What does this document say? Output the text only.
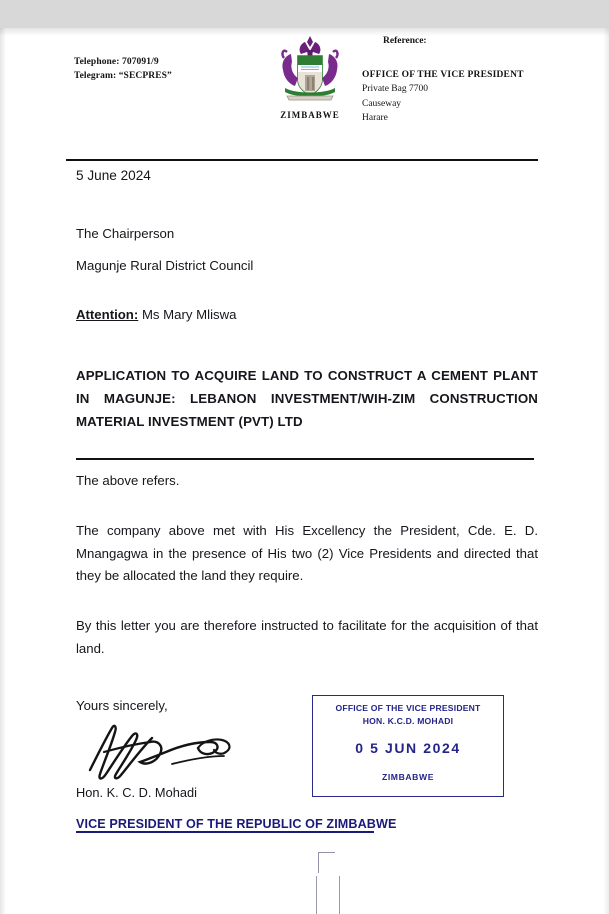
Telephone: 707091/9
Telegram: “SECPRES”
ZIMBABWE
Reference:
OFFICE OF THE VICE PRESIDENT
Private Bag 7700
Causeway
Harare
5 June 2024
The Chairperson
Magunje Rural District Council
Attention: Ms Mary Mliswa
APPLICATION TO ACQUIRE LAND TO CONSTRUCT A CEMENT PLANT IN MAGUNJE: LEBANON INVESTMENT/WIH-ZIM CONSTRUCTION MATERIAL INVESTMENT (PVT) LTD
The above refers.
The company above met with His Excellency the President, Cde. E. D. Mnangagwa in the presence of His two (2) Vice Presidents and directed that they be allocated the land they require.
By this letter you are therefore instructed to facilitate for the acquisition of that land.
Yours sincerely,	OFFICE OF THE VICE PRESIDENT
HON. K.C.D. MOHADI
0 5 JUN 2024
ZIMBABWE
Hon. K. C. D. Mohadi
VICE PRESIDENT OF THE REPUBLIC OF ZIMBABWE
